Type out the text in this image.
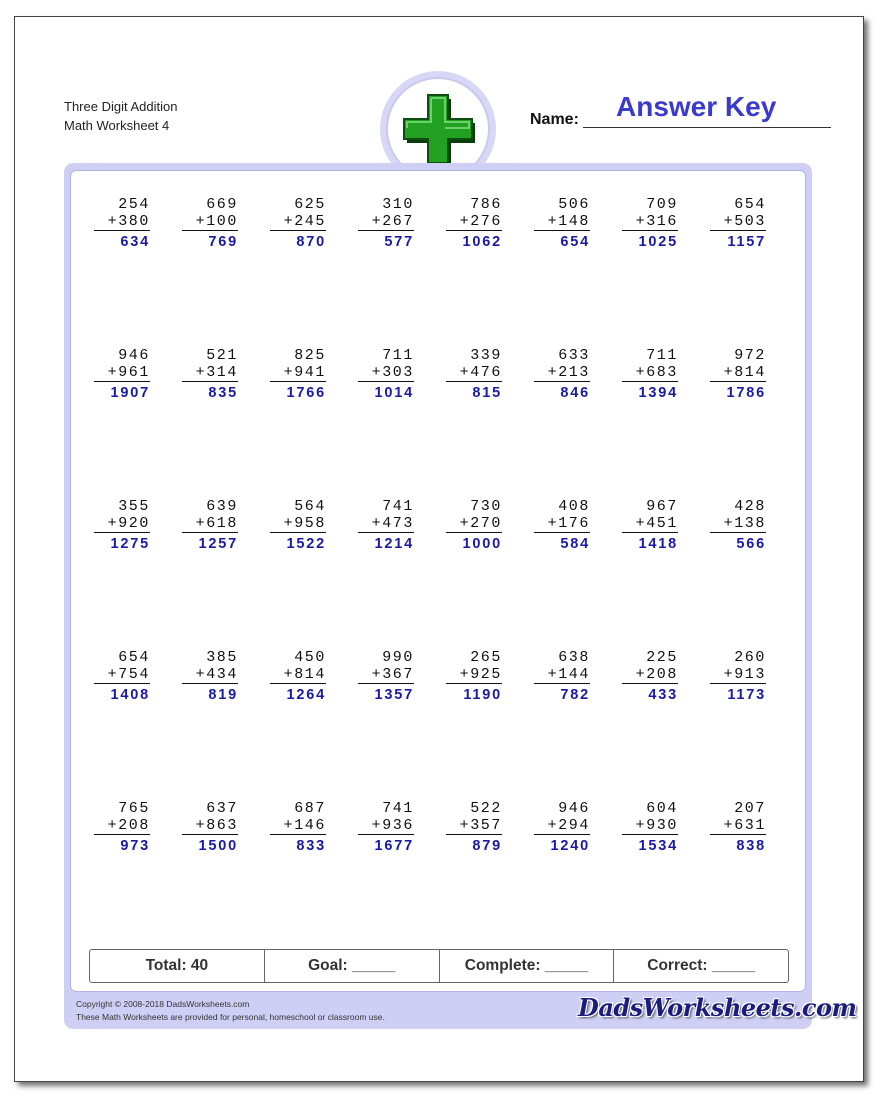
Three Digit Addition
Math Worksheet 4	Name: Answer Key
254
+380
634
669
+100
769
625
+245
870
310
+267
577
786
+276
1062
506
+148
654
709
+316
1025
654
+503
1157
946
+961
1907
521
+314
835
825
+941
1766
711
+303
1014
339
+476
815
633
+213
846
711
+683
1394
972
+814
1786
355
+920
1275
639
+618
1257
564
+958
1522
741
+473
1214
730
+270
1000
408
+176
584
967
+451
1418
428
+138
566
654
+754
1408
385
+434
819
450
+814
1264
990
+367
1357
265
+925
1190
638
+144
782
225
+208
433
260
+913
1173
765
+208
973
637
+863
1500
687
+146
833
741
+936
1677
522
+357
879
946
+294
1240
604
+930
1534
207
+631
838
Total: 40	Goal: _____	Complete: _____	Correct: _____
Copyright © 2008-2018 DadsWorksheets.com
These Math Worksheets are provided for personal, homeschool or classroom use.	DadsWorksheets.com
